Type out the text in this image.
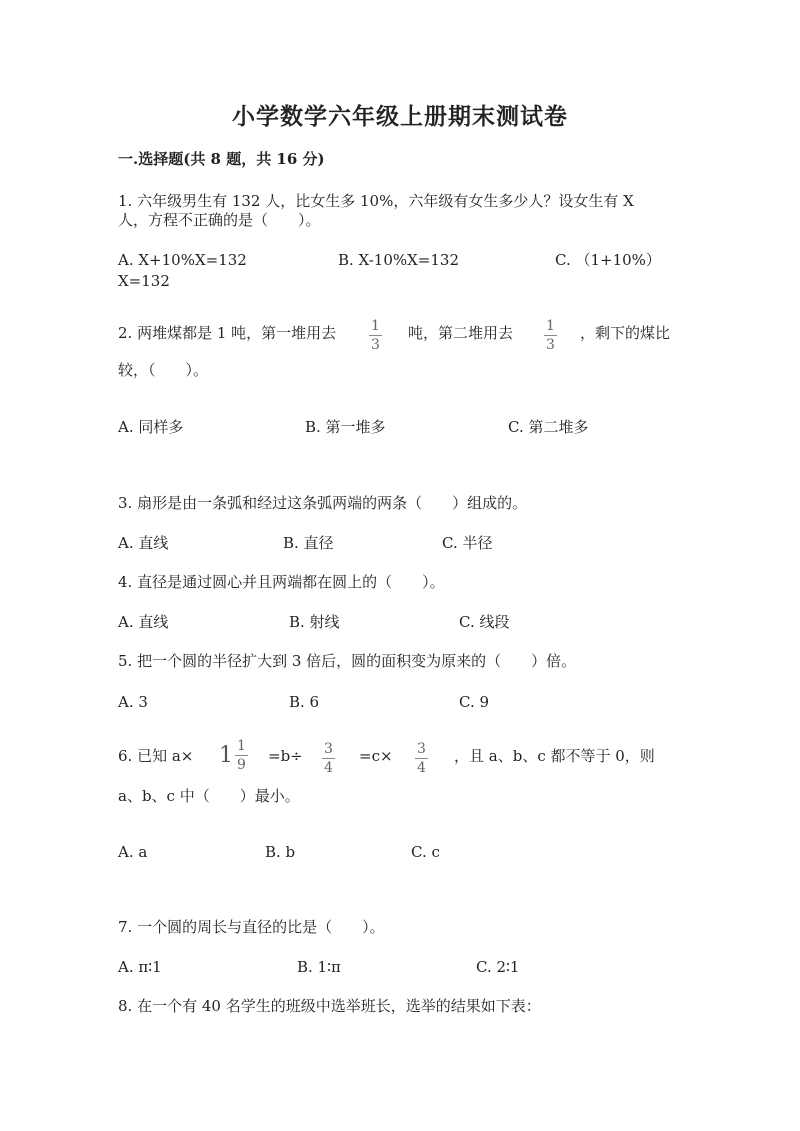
小学数学六年级上册期末测试卷
一.选择题(共 8 题，共 16 分)
1. 六年级男生有 132 人，比女生多 10%，六年级有女生多少人？设女生有 X
人，方程不正确的是（　　）。
A. X+10%X=132	B. X-10%X=132	C. （1+10%）
X=132
2. 两堆煤都是 1 吨，第一堆用去 1
3
吨，第二堆用去 1
3
，剩下的煤比
较，（　　）。
A. 同样多	B. 第一堆多	C. 第二堆多
3. 扇形是由一条弧和经过这条弧两端的两条（　　）组成的。
A. 直线	B. 直径	C. 半径
4. 直径是通过圆心并且两端都在圆上的（　　）。
A. 直线	B. 射线	C. 线段
5. 把一个圆的半径扩大到 3 倍后，圆的面积变为原来的（　　）倍。
A. 3	B. 6	C. 9
6. 已知 $a\times 1 \frac{1}{9} =b\div 3$
4
=c× 3
4
，且 a、b、c 都不等于 0，则
a、b、c 中（　　）最小。
A. a	B. b	C. c
7. 一个圆的周长与直径的比是（　　）。
A. π∶1	B. 1∶π	C. 2∶1
8. 在一个有 40 名学生的班级中选举班长，选举的结果如下表：
